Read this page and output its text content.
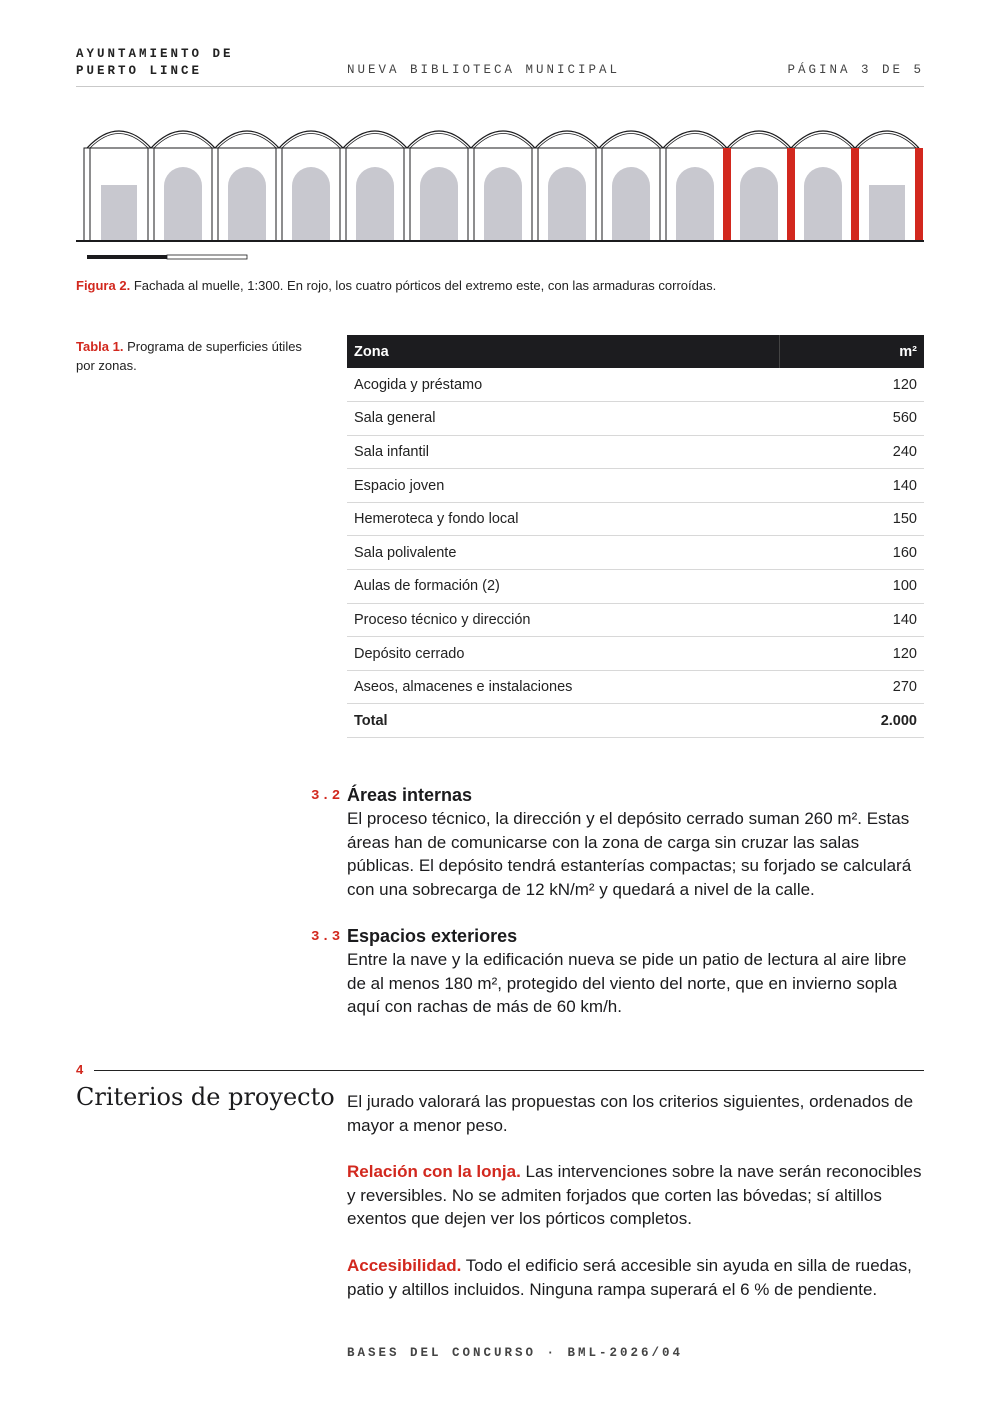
AYUNTAMIENTO DE
PUERTO LINCE	NUEVA BIBLIOTECA MUNICIPAL	PÁGINA 3 DE 5
Figura 2. Fachada al muelle, 1:300. En rojo, los cuatro pórticos del extremo este, con las armaduras corroídas.
Tabla 1. Programa de superficies útiles por zonas.
Zona	m²
Acogida y préstamo	120
Sala general	560
Sala infantil	240
Espacio joven	140
Hemeroteca y fondo local	150
Sala polivalente	160
Aulas de formación (2)	100
Proceso técnico y dirección	140
Depósito cerrado	120
Aseos, almacenes e instalaciones	270
Total	2.000
3.2 Áreas internas
El proceso técnico, la dirección y el depósito cerrado suman 260 m². Estas áreas han de comunicarse con la zona de carga sin cruzar las salas públicas. El depósito tendrá estanterías compactas; su forjado se calculará con una sobrecarga de 12 kN/m² y quedará a nivel de la calle.
3.3 Espacios exteriores
Entre la nave y la edificación nueva se pide un patio de lectura al aire libre de al menos 180 m², protegido del viento del norte, que en invierno sopla aquí con rachas de más de 60 km/h.
4
Criterios de proyecto El jurado valorará las propuestas con los criterios siguientes, ordenados de mayor a menor peso.
Relación con la lonja. Las intervenciones sobre la nave serán reconocibles y reversibles. No se admiten forjados que corten las bóvedas; sí altillos exentos que dejen ver los pórticos completos.
Accesibilidad. Todo el edificio será accesible sin ayuda en silla de ruedas, patio y altillos incluidos. Ninguna rampa superará el 6 % de pendiente.
BASES DEL CONCURSO · BML-2026/04
